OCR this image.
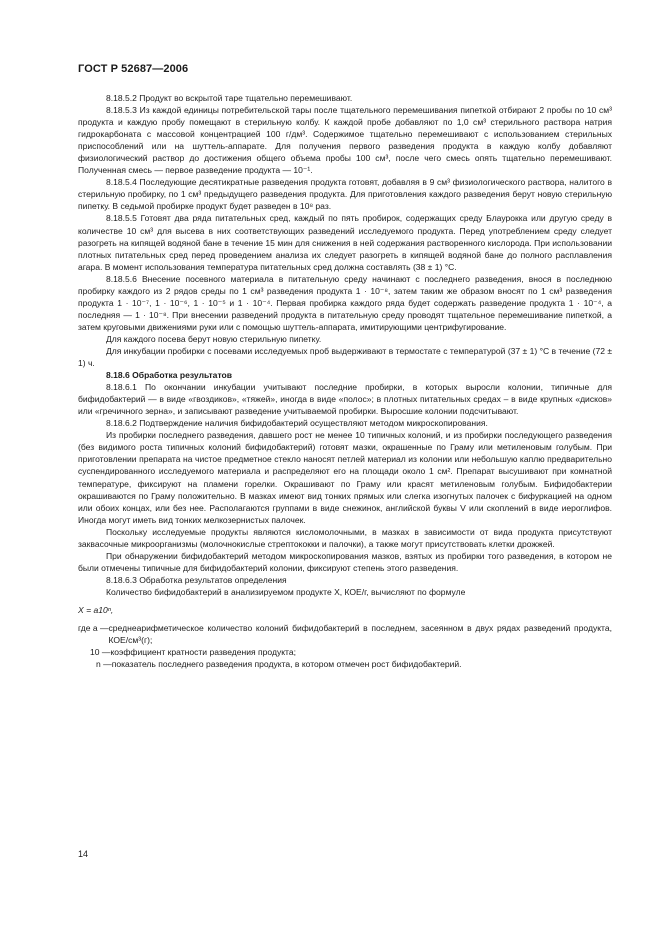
ГОСТ Р 52687—2006

8.18.5.2 Продукт во вскрытой таре тщательно перемешивают.

8.18.5.3 Из каждой единицы потребительской тары после тщательного перемешивания пипеткой отбирают 2 пробы по 10 см³ продукта и каждую пробу помещают в стерильную колбу. К каждой пробе добавляют по 1,0 см³ стерильного раствора натрия гидрокарбоната с массовой концентрацией 100 г/дм³. Содержимое тщательно перемешивают с использованием стерильных приспособлений или на шуттель-аппарате. Для получения первого разведения продукта в каждую колбу добавляют физиологический раствор до достижения общего объема пробы 100 см³, после чего смесь опять тщательно перемешивают. Полученная смесь — первое разведение продукта — 10⁻¹.

8.18.5.4 Последующие десятикратные разведения продукта готовят, добавляя в 9 см³ физиологического раствора, налитого в стерильную пробирку, по 1 см³ предыдущего разведения продукта. Для приготовления каждого разведения берут новую стерильную пипетку. В седьмой пробирке продукт будет разведен в 10⁸ раз.

8.18.5.5 Готовят два ряда питательных сред, каждый по пять пробирок, содержащих среду Блаурокка или другую среду в количестве 10 см³ для высева в них соответствующих разведений исследуемого продукта. Перед употреблением среду следует разогреть на кипящей водяной бане в течение 15 мин для снижения в ней содержания растворенного кислорода. При использовании плотных питательных сред перед проведением анализа их следует разогреть в кипящей водяной бане до полного расплавления агара. В момент использования температура питательных сред должна составлять (38 ± 1) °С.

8.18.5.6 Внесение посевного материала в питательную среду начинают с последнего разведения, внося в последнюю пробирку каждого из 2 рядов среды по 1 см³ разведения продукта 1 · 10⁻⁸, затем таким же образом вносят по 1 см³ разведения продукта 1 · 10⁻⁷, 1 · 10⁻⁶, 1 · 10⁻⁵ и 1 · 10⁻⁴. Первая пробирка каждого ряда будет содержать разведение продукта 1 · 10⁻⁴, а последняя — 1 · 10⁻⁸. При внесении разведений продукта в питательную среду проводят тщательное перемешивание пипеткой, а затем круговыми движениями руки или с помощью шуттель-аппарата, имитирующими центрифугирование.

Для каждого посева берут новую стерильную пипетку.

Для инкубации пробирки с посевами исследуемых проб выдерживают в термостате с температурой (37 ± 1) °С в течение (72 ± 1) ч.

8.18.6 Обработка результатов

8.18.6.1 По окончании инкубации учитывают последние пробирки, в которых выросли колонии, типичные для бифидобактерий — в виде «гвоздиков», «тяжей», иногда в виде «полос»; в плотных питательных средах – в виде крупных «дисков» или «гречичного зерна», и записывают разведение учитываемой пробирки. Выросшие колонии подсчитывают.

8.18.6.2 Подтверждение наличия бифидобактерий осуществляют методом микроскопирования.

Из пробирки последнего разведения, давшего рост не менее 10 типичных колоний, и из пробирки последующего разведения (без видимого роста типичных колоний бифидобактерий) готовят мазки, окрашенные по Граму или метиленовым голубым. При приготовлении препарата на чистое предметное стекло наносят петлей материал из колонии или небольшую каплю предварительно суспендированного исследуемого материала и распределяют его на площади около 1 см². Препарат высушивают при комнатной температуре, фиксируют на пламени горелки. Окрашивают по Граму или красят метиленовым голубым. Бифидобактерии окрашиваются по Граму положительно. В мазках имеют вид тонких прямых или слегка изогнутых палочек с бифуркацией на одном или обоих концах, или без нее. Располагаются группами в виде снежинок, английской буквы V или скоплений в виде иероглифов. Иногда могут иметь вид тонких мелкозернистых палочек.

Поскольку исследуемые продукты являются кисломолочными, в мазках в зависимости от вида продукта присутствуют заквасочные микроорганизмы (молочнокислые стрептококки и палочки), а также могут присутствовать клетки дрожжей.

При обнаружении бифидобактерий методом микроскопирования мазков, взятых из пробирки того разведения, в котором не были отмечены типичные для бифидобактерий колонии, фиксируют степень этого разведения.

8.18.6.3 Обработка результатов определения

Количество бифидобактерий в анализируемом продукте X, КОЕ/г, вычисляют по формуле

X = a10ⁿ,

где a — среднеарифметическое количество колоний бифидобактерий в последнем, засеянном в двух рядах разведений продукта, КОЕ/см³(г);
10 — коэффициент кратности разведения продукта;
n — показатель последнего разведения продукта, в котором отмечен рост бифидобактерий.
14
